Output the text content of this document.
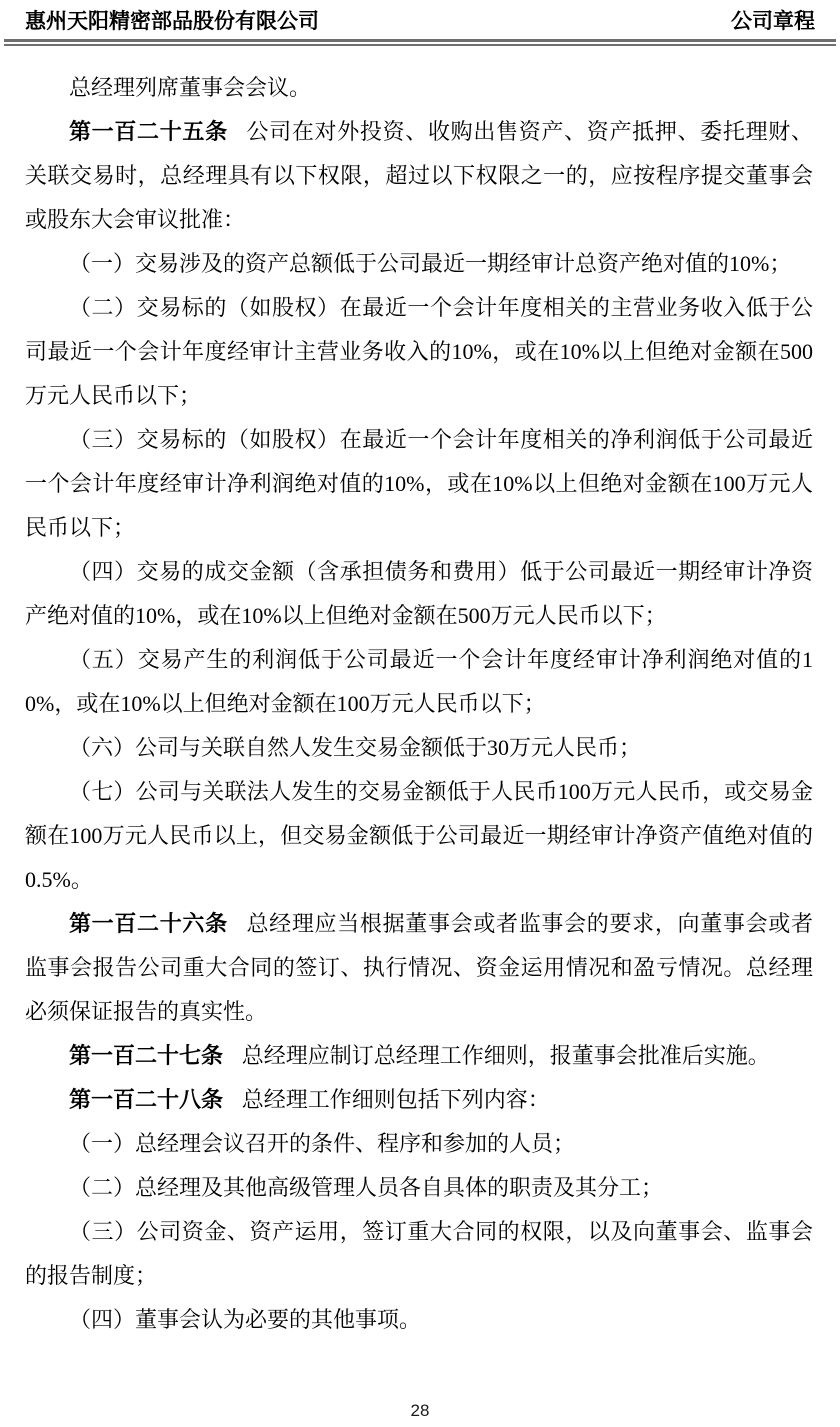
惠州天阳精密部品股份有限公司	公司章程

总经理列席董事会会议。

第一百二十五条 公司在对外投资、收购出售资产、资产抵押、委托理财、关联交易时，总经理具有以下权限，超过以下权限之一的，应按程序提交董事会或股东大会审议批准：

（一）交易涉及的资产总额低于公司最近一期经审计总资产绝对值的10%；

（二）交易标的（如股权）在最近一个会计年度相关的主营业务收入低于公司最近一个会计年度经审计主营业务收入的10%，或在10%以上但绝对金额在500万元人民币以下；

（三）交易标的（如股权）在最近一个会计年度相关的净利润低于公司最近一个会计年度经审计净利润绝对值的10%，或在10%以上但绝对金额在100万元人民币以下；

（四）交易的成交金额（含承担债务和费用）低于公司最近一期经审计净资产绝对值的10%，或在10%以上但绝对金额在500万元人民币以下；

（五）交易产生的利润低于公司最近一个会计年度经审计净利润绝对值的10%，或在10%以上但绝对金额在100万元人民币以下；

（六）公司与关联自然人发生交易金额低于30万元人民币；

（七）公司与关联法人发生的交易金额低于人民币100万元人民币，或交易金额在100万元人民币以上，但交易金额低于公司最近一期经审计净资产值绝对值的0.5%。

第一百二十六条 总经理应当根据董事会或者监事会的要求，向董事会或者监事会报告公司重大合同的签订、执行情况、资金运用情况和盈亏情况。总经理必须保证报告的真实性。

第一百二十七条 总经理应制订总经理工作细则，报董事会批准后实施。

第一百二十八条 总经理工作细则包括下列内容：

（一）总经理会议召开的条件、程序和参加的人员；

（二）总经理及其他高级管理人员各自具体的职责及其分工；

（三）公司资金、资产运用，签订重大合同的权限，以及向董事会、监事会的报告制度；

（四）董事会认为必要的其他事项。

28
